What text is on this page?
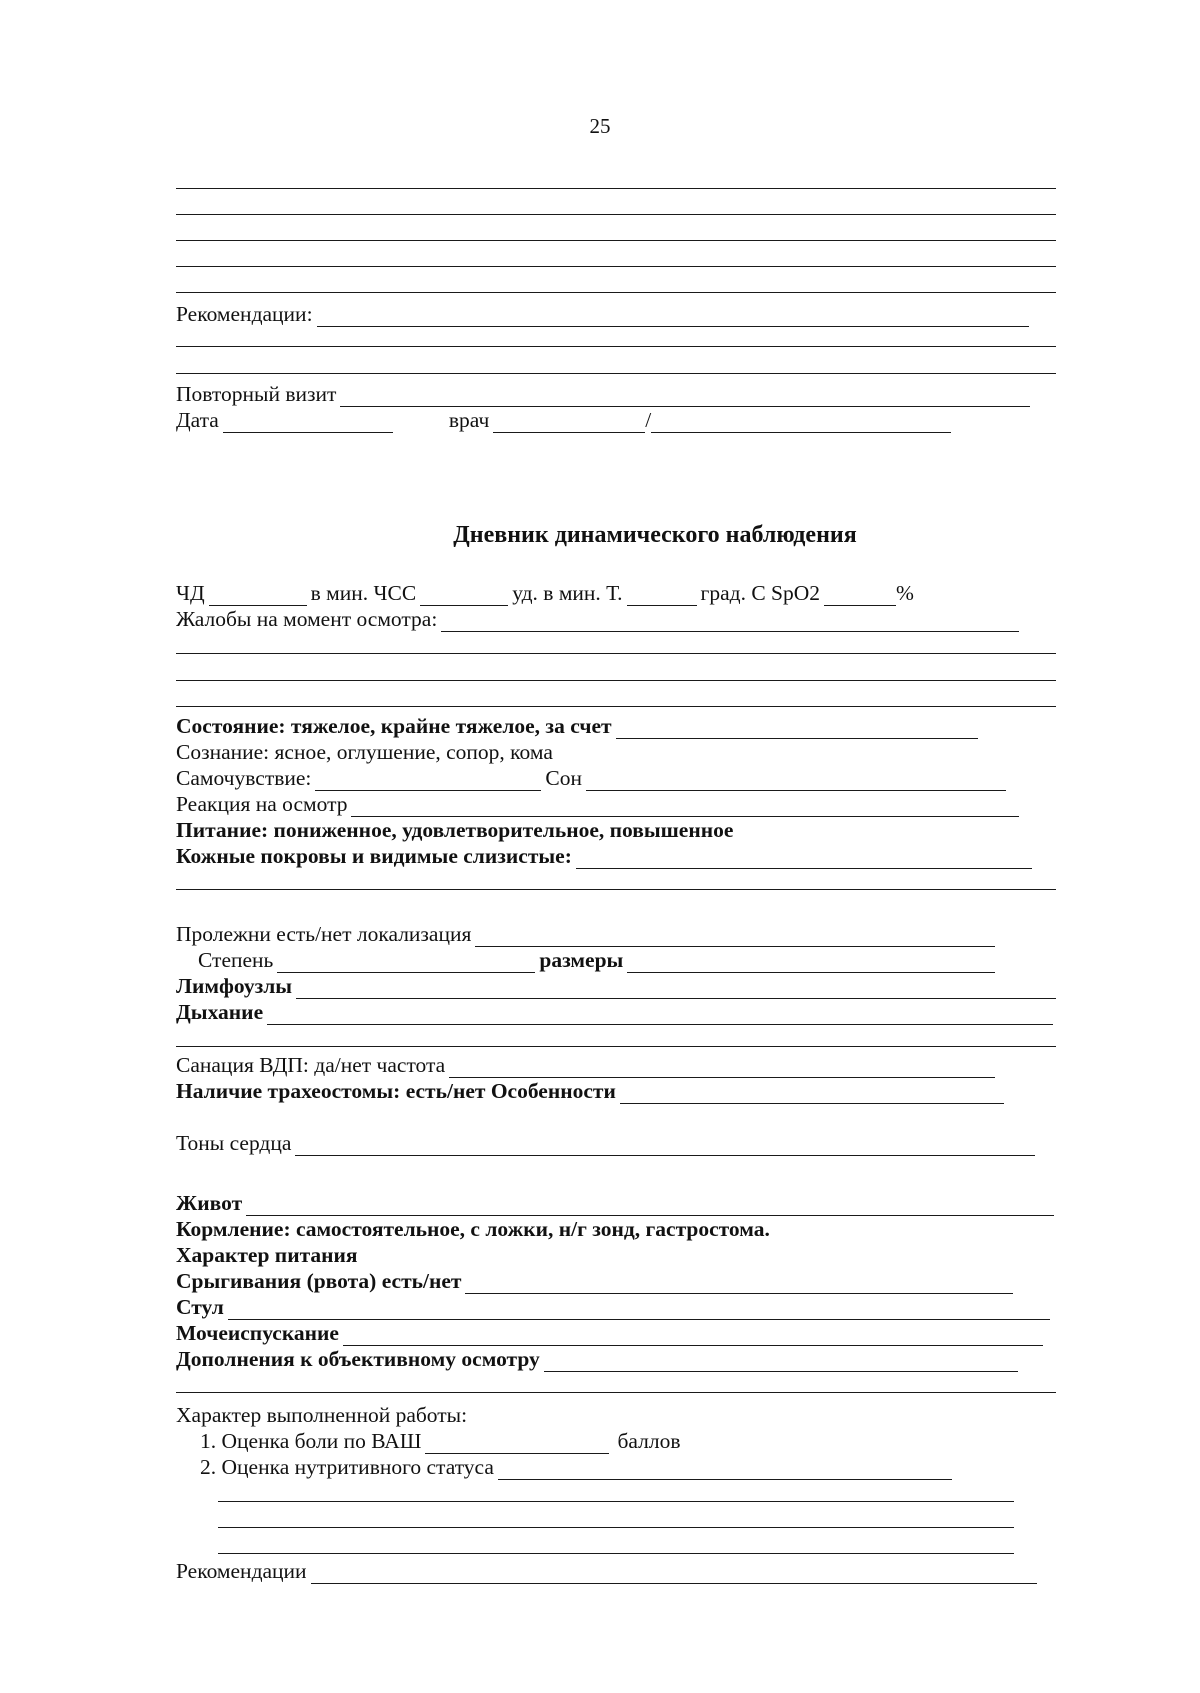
25
Рекомендации:
Повторный визит
Дата	врач	/
Дневник динамического наблюдения
ЧД	в мин. ЧСС	уд. в мин. Т.	град. С SpO2	%
Жалобы на момент осмотра:
Состояние: тяжелое, крайне тяжелое, за счет
Сознание: ясное, оглушение, сопор, кома
Самочувствие:	Сон
Реакция на осмотр
Питание: пониженное, удовлетворительное, повышенное
Кожные покровы и видимые слизистые:
Пролежни есть/нет локализация
Степень	размеры
Лимфоузлы
Дыхание
Санация ВДП: да/нет частота
Наличие трахеостомы: есть/нет Особенности
Тоны сердца
Живот
Кормление: самостоятельное, с ложки, н/г зонд, гастростома.
Характер питания
Срыгивания (рвота) есть/нет
Стул
Мочеиспускание
Дополнения к объективному осмотру
Характер выполненной работы:
1. Оценка боли по ВАШ	баллов
2. Оценка нутритивного статуса
Рекомендации
